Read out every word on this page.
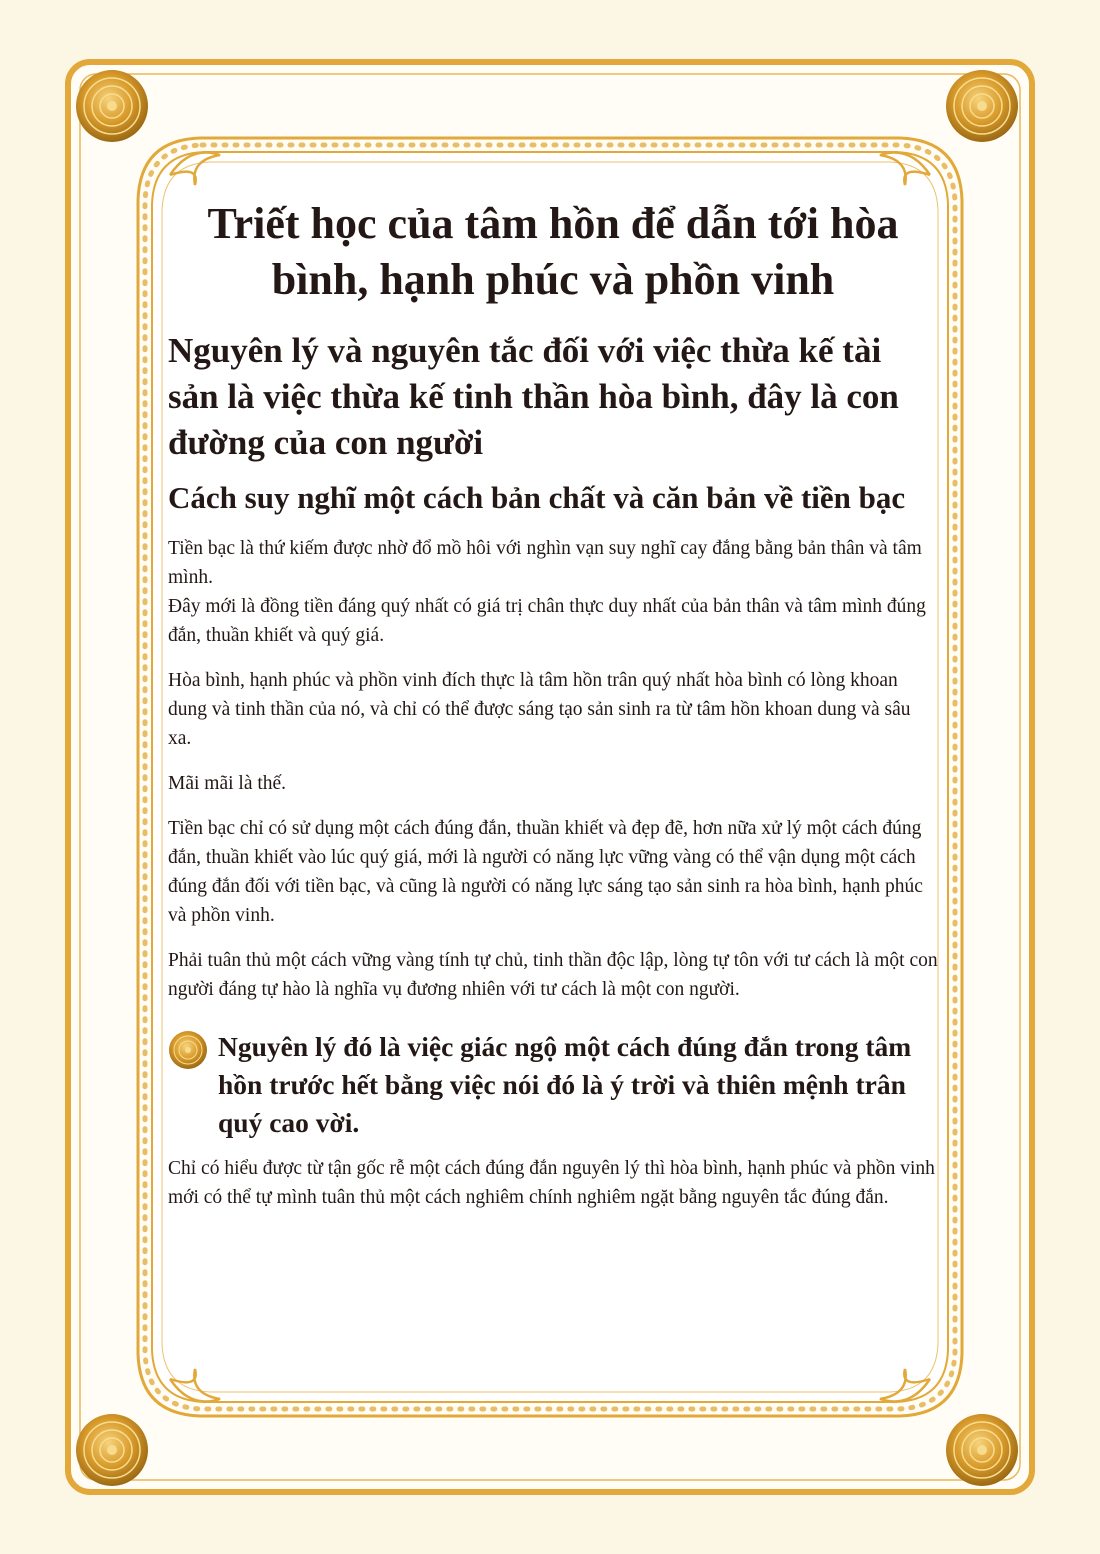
Triết học của tâm hồn để dẫn tới hòa bình, hạnh phúc và phồn vinh
Nguyên lý và nguyên tắc đối với việc thừa kế tài sản là việc thừa kế tinh thần hòa bình, đây là con đường của con người
Cách suy nghĩ một cách bản chất và căn bản về tiền bạc

Tiền bạc là thứ kiếm được nhờ đổ mồ hôi với nghìn vạn suy nghĩ cay đắng bằng bản thân và tâm mình.
Đây mới là đồng tiền đáng quý nhất có giá trị chân thực duy nhất của bản thân và tâm mình đúng đắn, thuần khiết và quý giá.

Hòa bình, hạnh phúc và phồn vinh đích thực là tâm hồn trân quý nhất hòa bình có lòng khoan dung và tinh thần của nó, và chỉ có thể được sáng tạo sản sinh ra từ tâm hồn khoan dung và sâu xa.

Mãi mãi là thế.

Tiền bạc chỉ có sử dụng một cách đúng đắn, thuần khiết và đẹp đẽ, hơn nữa xử lý một cách đúng đắn, thuần khiết vào lúc quý giá, mới là người có năng lực vững vàng có thể vận dụng một cách đúng đắn đối với tiền bạc, và cũng là người có năng lực sáng tạo sản sinh ra hòa bình, hạnh phúc và phồn vinh.

Phải tuân thủ một cách vững vàng tính tự chủ, tinh thần độc lập, lòng tự tôn với tư cách là một con người đáng tự hào là nghĩa vụ đương nhiên với tư cách là một con người.

Nguyên lý đó là việc giác ngộ một cách đúng đắn trong tâm hồn trước hết bằng việc nói đó là ý trời và thiên mệnh trân quý cao vời.

Chỉ có hiểu được từ tận gốc rễ một cách đúng đắn nguyên lý thì hòa bình, hạnh phúc và phồn vinh mới có thể tự mình tuân thủ một cách nghiêm chính nghiêm ngặt bằng nguyên tắc đúng đắn.
